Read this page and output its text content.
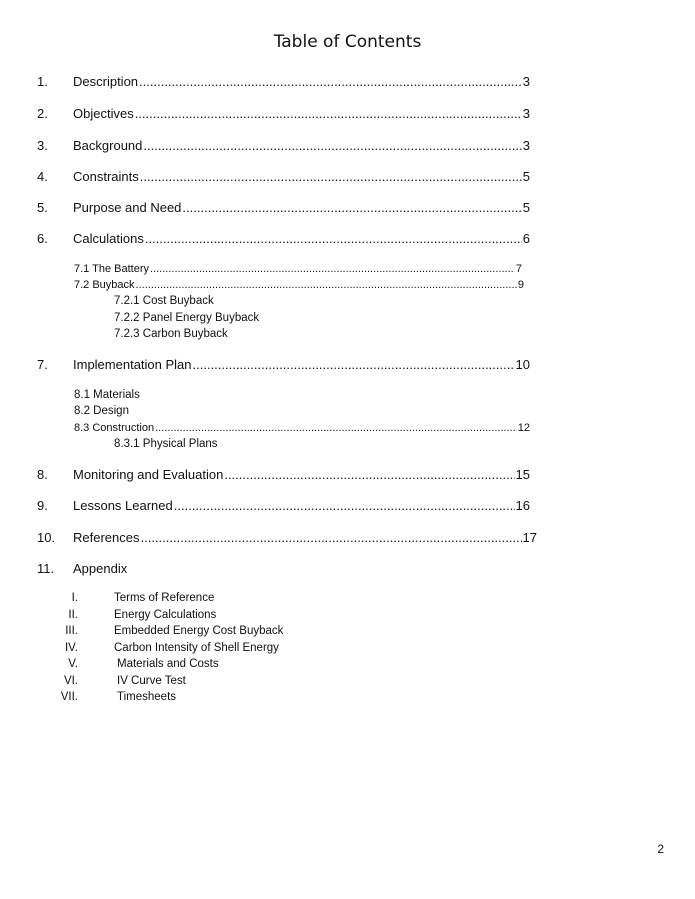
Table of Contents
1.	Description .....	3
2.	Objectives .....	3
3.	Background .....	3
4.	Constraints .....	5
5.	Purpose and Need .....	5
6.	Calculations .....	6
7.1 The Battery .....	7
7.2 Buyback .....	9
7.2.1 Cost Buyback
7.2.2 Panel Energy Buyback
7.2.3 Carbon Buyback
7.	Implementation Plan .....	10
8.1 Materials
8.2 Design
8.3 Construction .....	12
8.3.1 Physical Plans
8.	Monitoring and Evaluation .....	15
9.	Lessons Learned .....	16
10.	References .....	17
11.	Appendix
I.	Terms of Reference
II.	Energy Calculations
III.	Embedded Energy Cost Buyback
IV.	Carbon Intensity of Shell Energy
V.	Materials and Costs
VI.	IV Curve Test
VII.	Timesheets
2
